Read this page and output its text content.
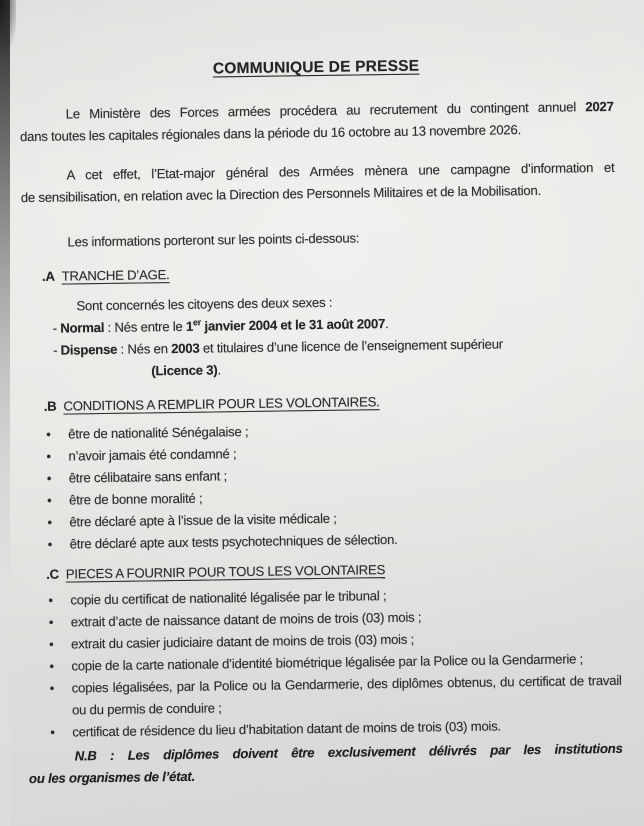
COMMUNIQUE DE PRESSE
Le Ministère des Forces armées procédera au recrutement du contingent annuel 2027
dans toutes les capitales régionales dans la période du 16 octobre au 13 novembre 2026.
A cet effet, l’Etat-major général des Armées mènera une campagne d’information et
de sensibilisation, en relation avec la Direction des Personnels Militaires et de la Mobilisation.
Les informations porteront sur les points ci-dessous:
.A TRANCHE D’AGE.
Sont concernés les citoyens des deux sexes :
- Normal : Nés entre le 1er janvier 2004 et le 31 août 2007.
- Dispense : Nés en 2003 et titulaires d’une licence de l’enseignement supérieur
(Licence 3).
.B CONDITIONS A REMPLIR POUR LES VOLONTAIRES.
• être de nationalité Sénégalaise ;
• n’avoir jamais été condamné ;
• être célibataire sans enfant ;
• être de bonne moralité ;
• être déclaré apte à l’issue de la visite médicale ;
• être déclaré apte aux tests psychotechniques de sélection.
.C PIECES A FOURNIR POUR TOUS LES VOLONTAIRES
• copie du certificat de nationalité légalisée par le tribunal ;
• extrait d’acte de naissance datant de moins de trois (03) mois ;
• extrait du casier judiciaire datant de moins de trois (03) mois ;
• copie de la carte nationale d’identité biométrique légalisée par la Police ou la Gendarmerie ;
• copies légalisées, par la Police ou la Gendarmerie, des diplômes obtenus, du certificat de travail ou du permis de conduire ;
• certificat de résidence du lieu d’habitation datant de moins de trois (03) mois.
N.B : Les diplômes doivent être exclusivement délivrés par les institutions
ou les organismes de l’état.
